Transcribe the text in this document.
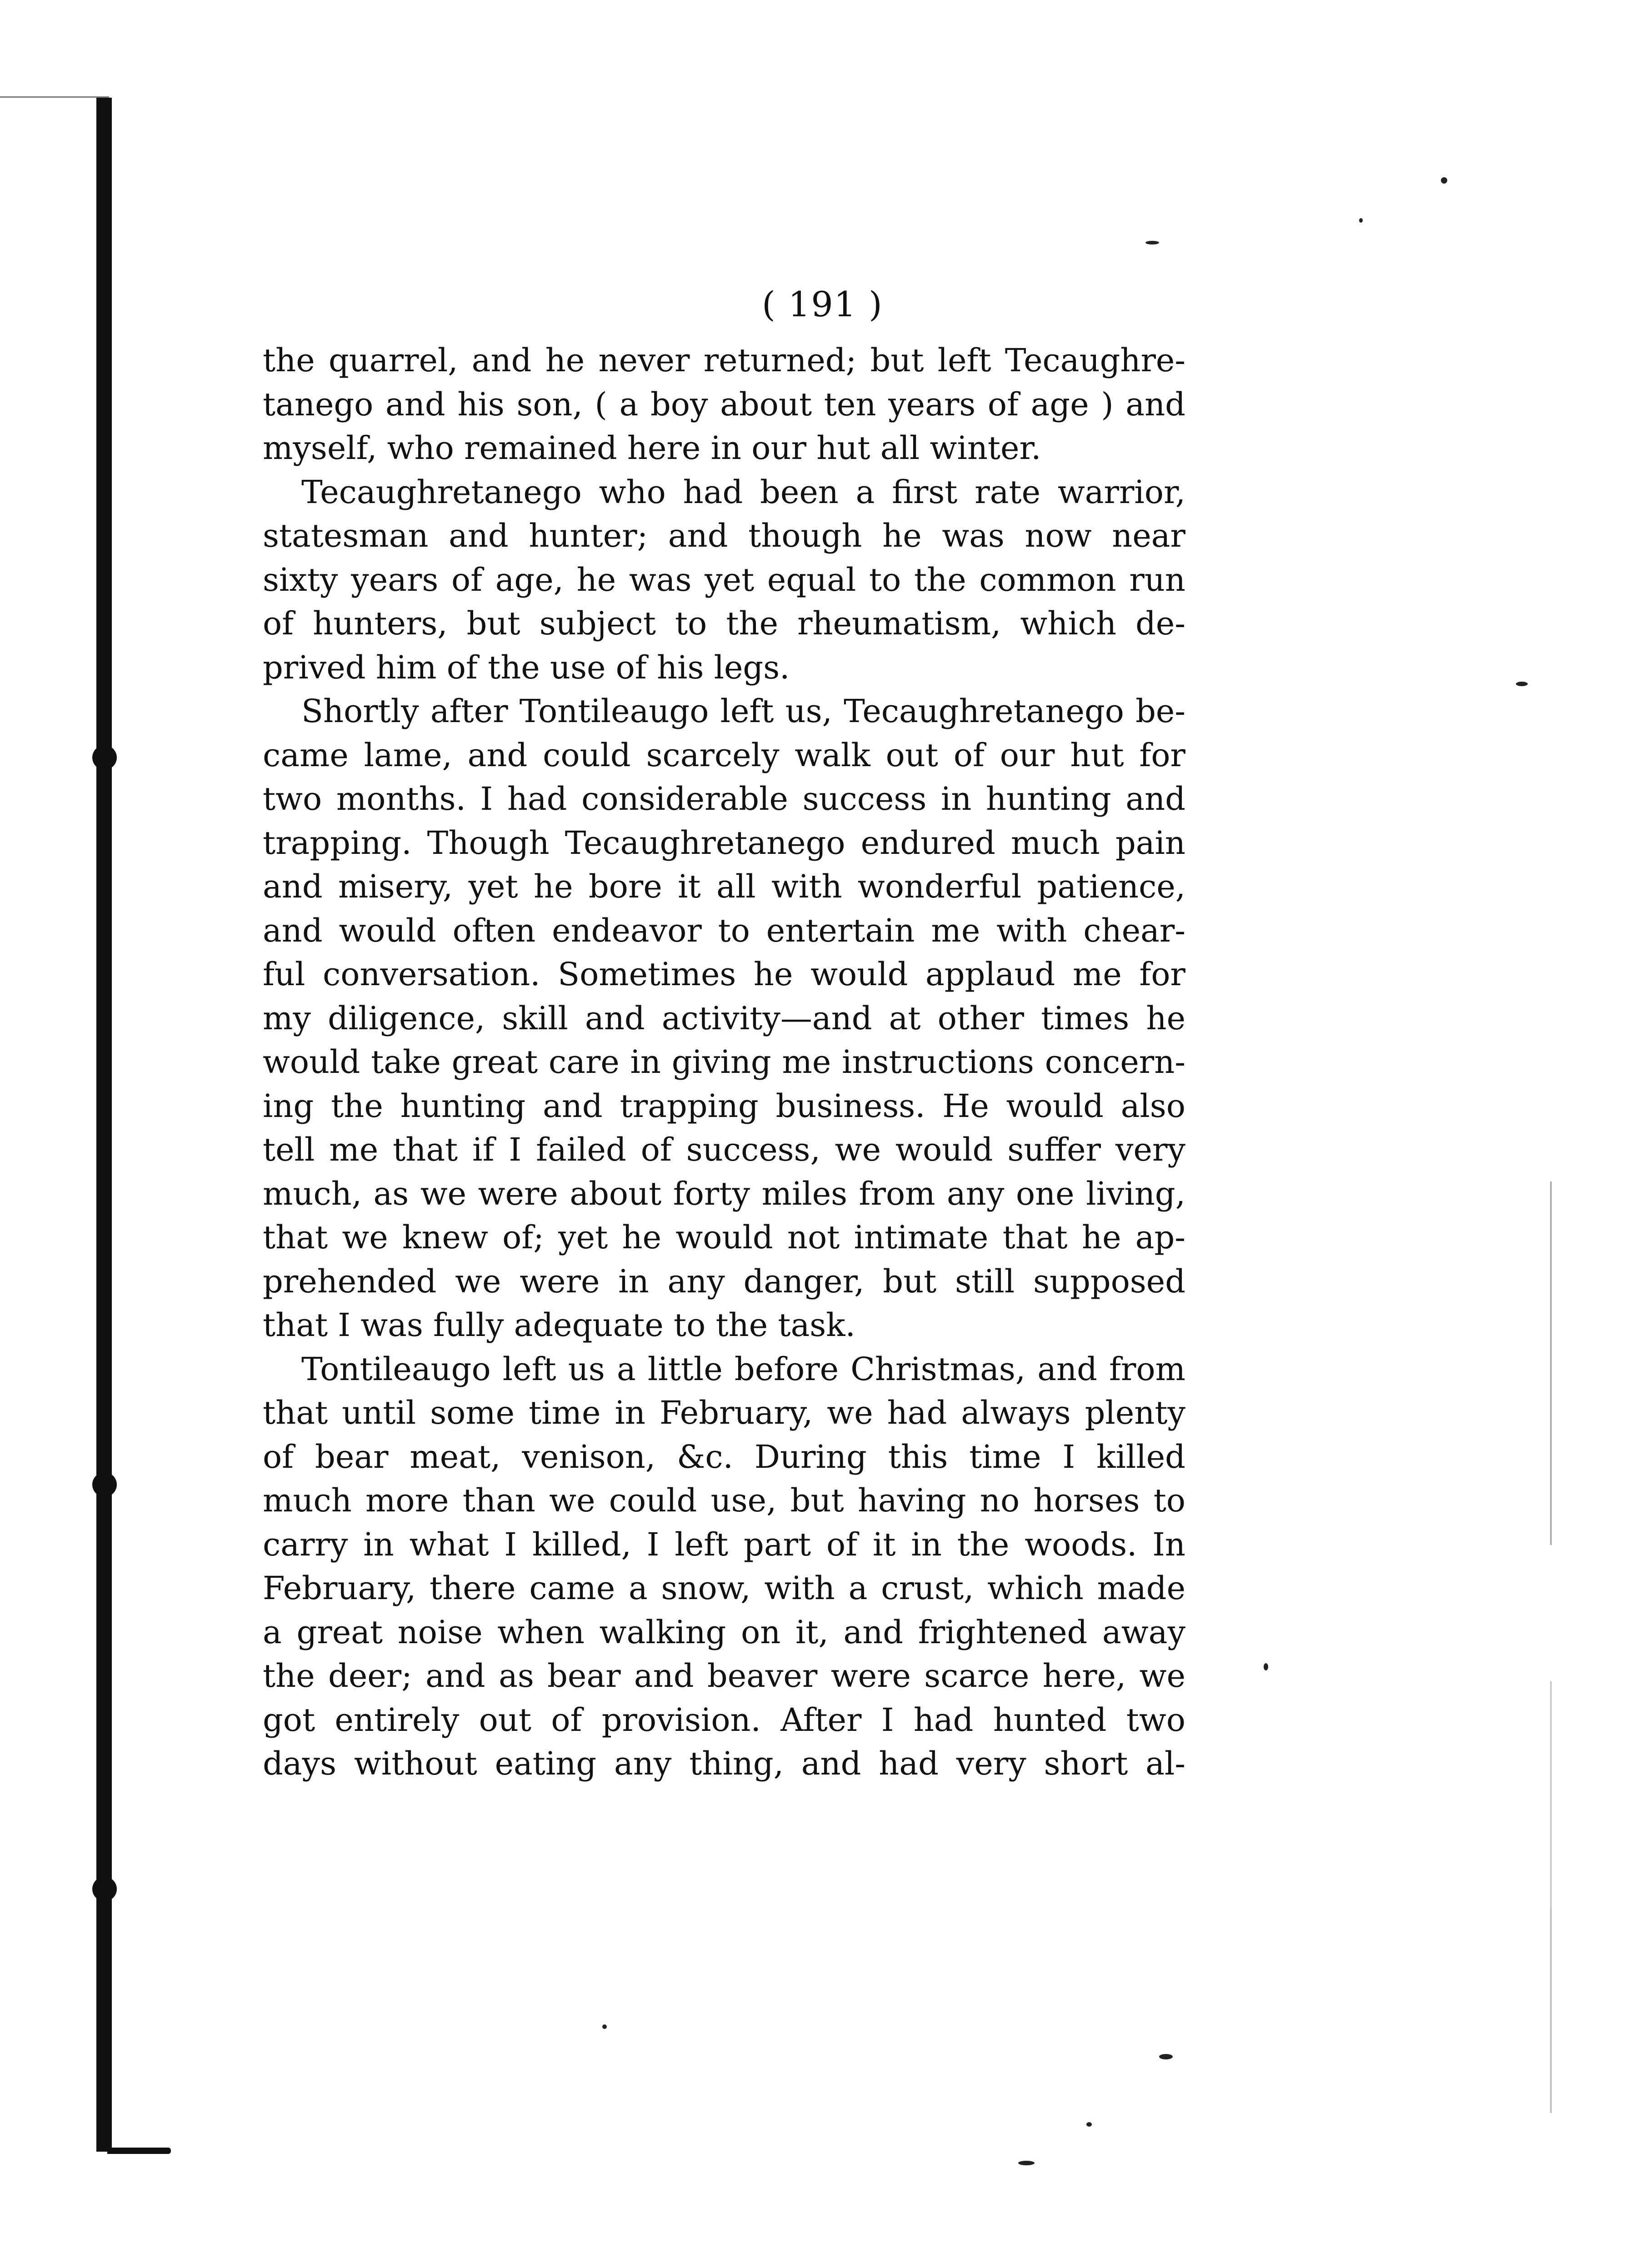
( 191 )
the quarrel, and he never returned; but left Tecaughre-
tanego and his son, ( a boy about ten years of age ) and
myself, who remained here in our hut all winter.
Tecaughretanego who had been a first rate warrior,
statesman and hunter; and though he was now near
sixty years of age, he was yet equal to the common run
of hunters, but subject to the rheumatism, which de-
prived him of the use of his legs.
Shortly after Tontileaugo left us, Tecaughretanego be-
came lame, and could scarcely walk out of our hut for
two months. I had considerable success in hunting and
trapping. Though Tecaughretanego endured much pain
and misery, yet he bore it all with wonderful patience,
and would often endeavor to entertain me with chear-
ful conversation. Sometimes he would applaud me for
my diligence, skill and activity—and at other times he
would take great care in giving me instructions concern-
ing the hunting and trapping business. He would also
tell me that if I failed of success, we would suffer very
much, as we were about forty miles from any one living,
that we knew of; yet he would not intimate that he ap-
prehended we were in any danger, but still supposed
that I was fully adequate to the task.
Tontileaugo left us a little before Christmas, and from
that until some time in February, we had always plenty
of bear meat, venison, &c. During this time I killed
much more than we could use, but having no horses to
carry in what I killed, I left part of it in the woods. In
February, there came a snow, with a crust, which made
a great noise when walking on it, and frightened away
the deer; and as bear and beaver were scarce here, we
got entirely out of provision. After I had hunted two
days without eating any thing, and had very short al-
